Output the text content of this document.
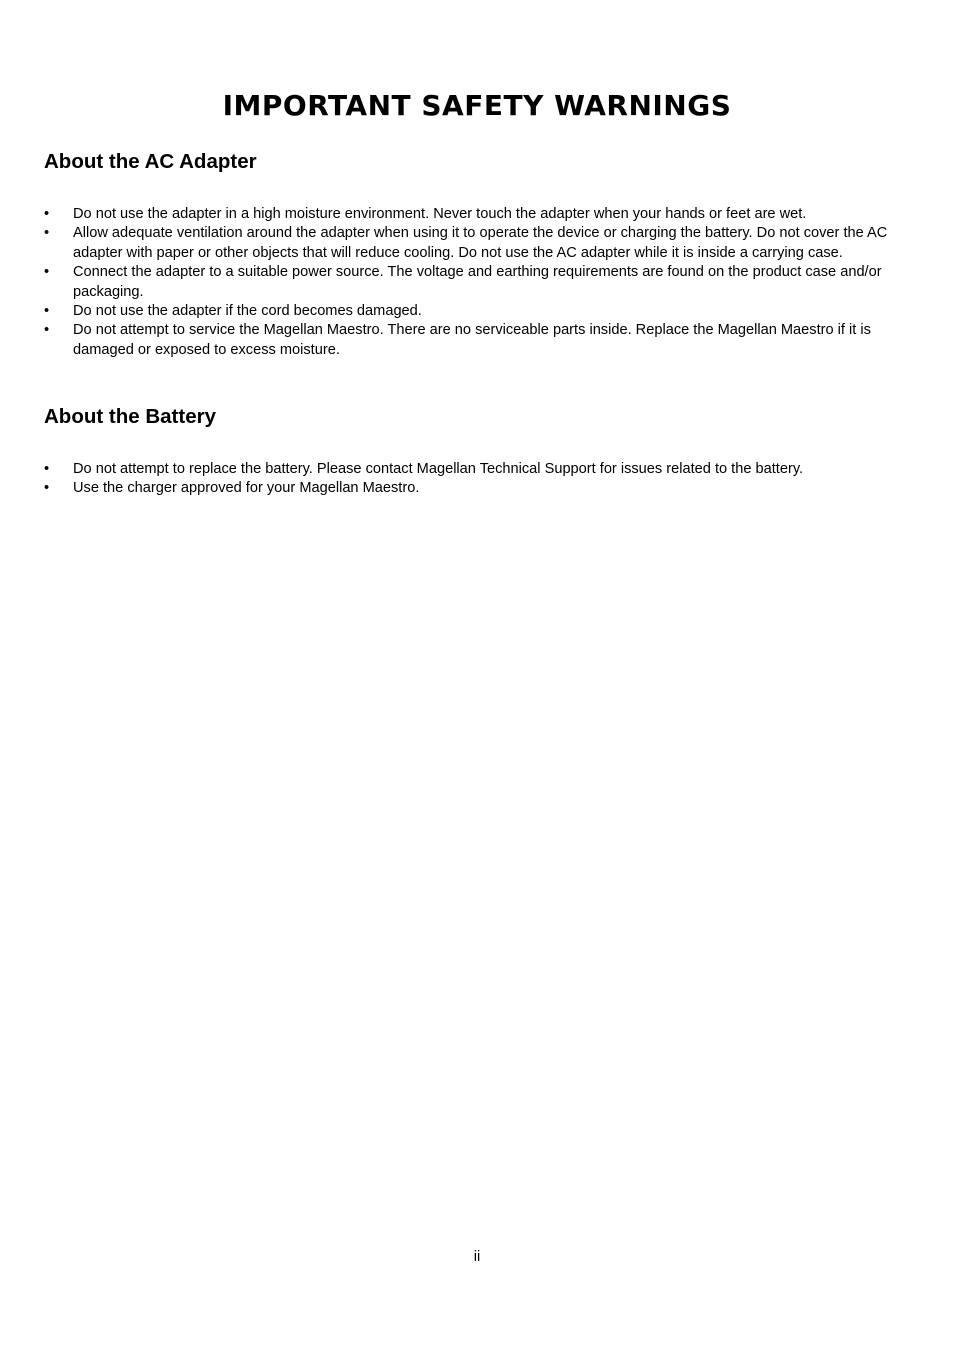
IMPORTANT SAFETY WARNINGS
About the AC Adapter
• Do not use the adapter in a high moisture environment. Never touch the adapter when your hands or feet are wet.
• Allow adequate ventilation around the adapter when using it to operate the device or charging the battery. Do not cover the AC adapter with paper or other objects that will reduce cooling. Do not use the AC adapter while it is inside a carrying case.
• Connect the adapter to a suitable power source. The voltage and earthing requirements are found on the product case and/or packaging.
• Do not use the adapter if the cord becomes damaged.
• Do not attempt to service the Magellan Maestro. There are no serviceable parts inside. Replace the Magellan Maestro if it is damaged or exposed to excess moisture.
About the Battery
• Do not attempt to replace the battery. Please contact Magellan Technical Support for issues related to the battery.
• Use the charger approved for your Magellan Maestro.
ii
